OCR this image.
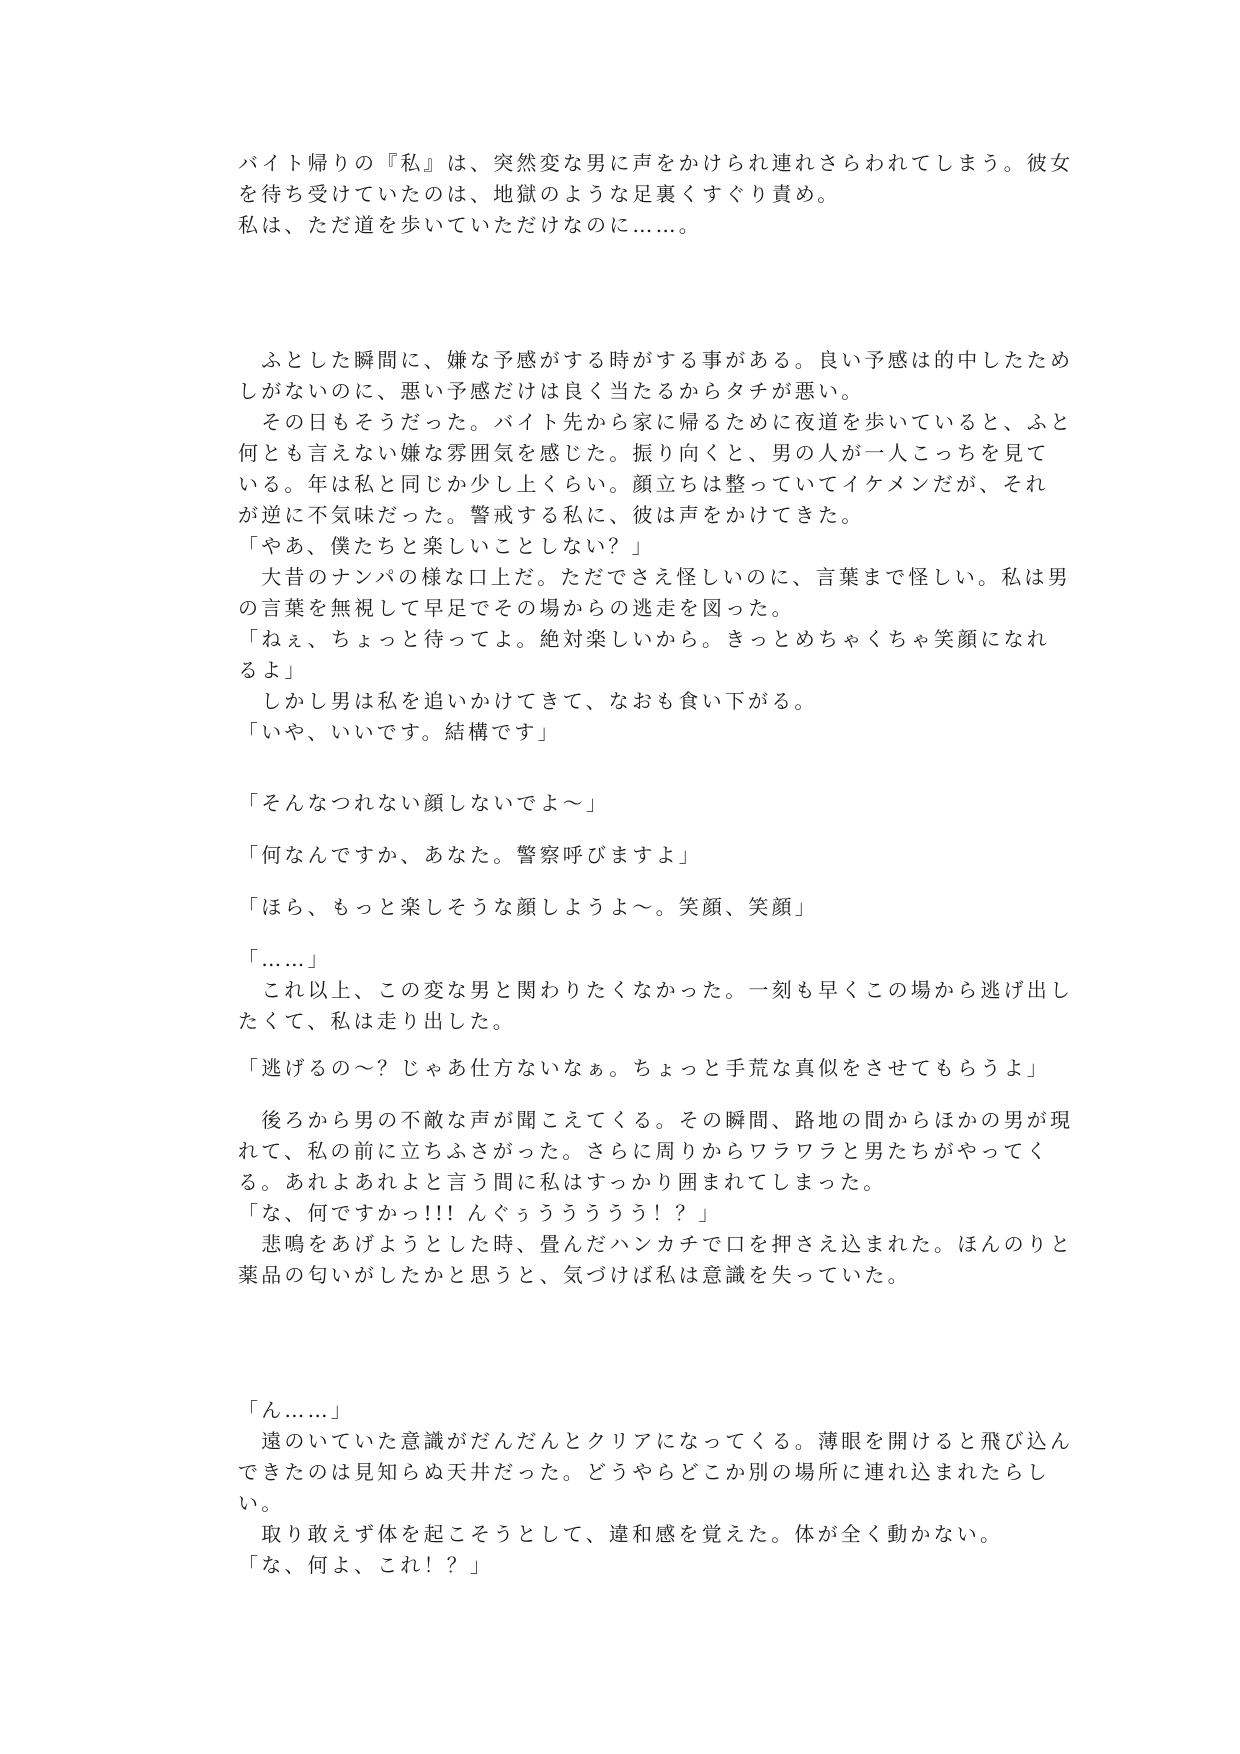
バイト帰りの『私』は、突然変な男に声をかけられ連れさらわれてしまう。彼女
を待ち受けていたのは、地獄のような足裏くすぐり責め。
私は、ただ道を歩いていただけなのに……。
　ふとした瞬間に、嫌な予感がする時がする事がある。良い予感は的中したため
しがないのに、悪い予感だけは良く当たるからタチが悪い。
　その日もそうだった。バイト先から家に帰るために夜道を歩いていると、ふと
何とも言えない嫌な雰囲気を感じた。振り向くと、男の人が一人こっちを見て
いる。年は私と同じか少し上くらい。顔立ちは整っていてイケメンだが、それ
が逆に不気味だった。警戒する私に、彼は声をかけてきた。
「やあ、僕たちと楽しいことしない？」
　大昔のナンパの様な口上だ。ただでさえ怪しいのに、言葉まで怪しい。私は男
の言葉を無視して早足でその場からの逃走を図った。
「ねぇ、ちょっと待ってよ。絶対楽しいから。きっとめちゃくちゃ笑顔になれ
るよ」
　しかし男は私を追いかけてきて、なおも食い下がる。
「いや、いいです。結構です」
「そんなつれない顔しないでよ〜」
「何なんですか、あなた。警察呼びますよ」
「ほら、もっと楽しそうな顔しようよ〜。笑顔、笑顔」
「……」
　これ以上、この変な男と関わりたくなかった。一刻も早くこの場から逃げ出し
たくて、私は走り出した。
「逃げるの〜？じゃあ仕方ないなぁ。ちょっと手荒な真似をさせてもらうよ」
　後ろから男の不敵な声が聞こえてくる。その瞬間、路地の間からほかの男が現
れて、私の前に立ちふさがった。さらに周りからワラワラと男たちがやってく
る。あれよあれよと言う間に私はすっかり囲まれてしまった。
「な、何ですかっ!!! んぐぅううううう！？」
　悲鳴をあげようとした時、畳んだハンカチで口を押さえ込まれた。ほんのりと
薬品の匂いがしたかと思うと、気づけば私は意識を失っていた。
「ん……」
　遠のいていた意識がだんだんとクリアになってくる。薄眼を開けると飛び込ん
できたのは見知らぬ天井だった。どうやらどこか別の場所に連れ込まれたらし
い。
　取り敢えず体を起こそうとして、違和感を覚えた。体が全く動かない。
「な、何よ、これ！？」
